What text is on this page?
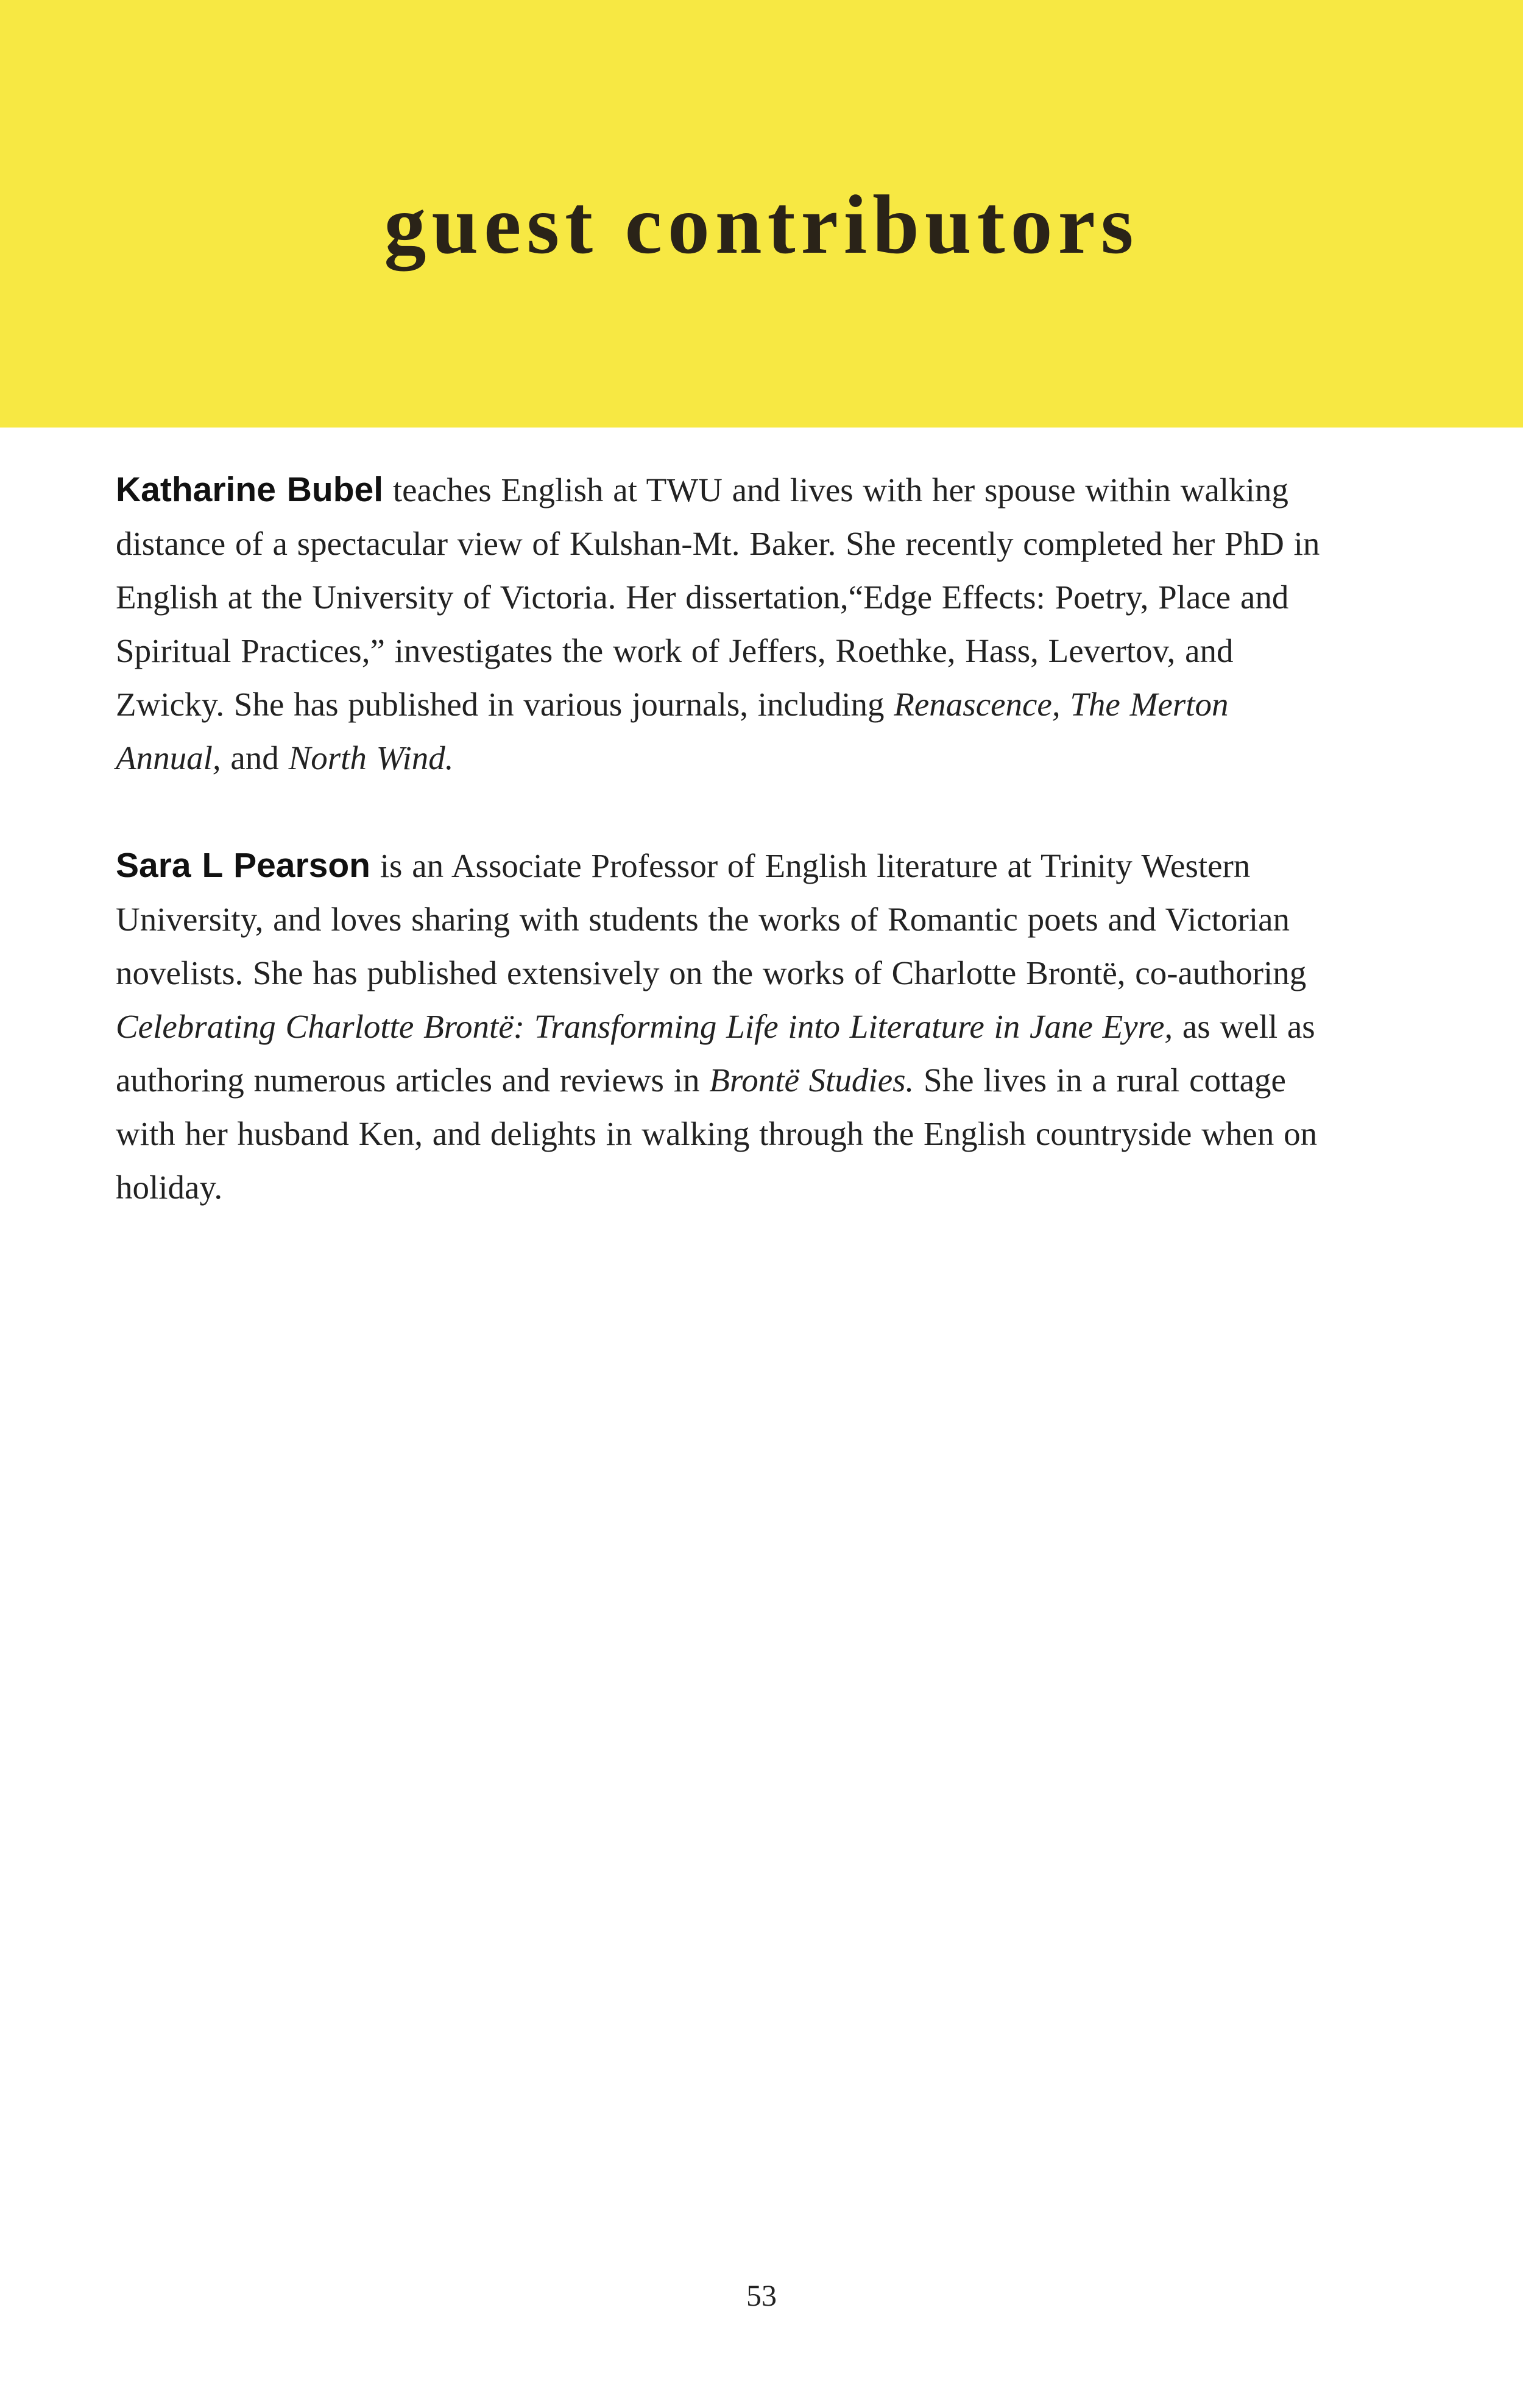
guest contributors

Katharine Bubel teaches English at TWU and lives with her spouse within walking distance of a spectacular view of Kulshan-Mt. Baker. She recently completed her PhD in English at the University of Victoria. Her dissertation,“Edge Effects: Poetry, Place and Spiritual Practices,” investigates the work of Jeffers, Roethke, Hass, Levertov, and Zwicky. She has published in various journals, including Renascence, The Merton Annual, and North Wind.

Sara L Pearson is an Associate Professor of English literature at Trinity Western University, and loves sharing with students the works of Romantic poets and Victorian novelists. She has published extensively on the works of Charlotte Brontë, co-authoring Celebrating Charlotte Brontë: Transforming Life into Literature in Jane Eyre, as well as authoring numerous articles and reviews in Brontë Studies. She lives in a rural cottage with her husband Ken, and delights in walking through the English countryside when on holiday.

53
